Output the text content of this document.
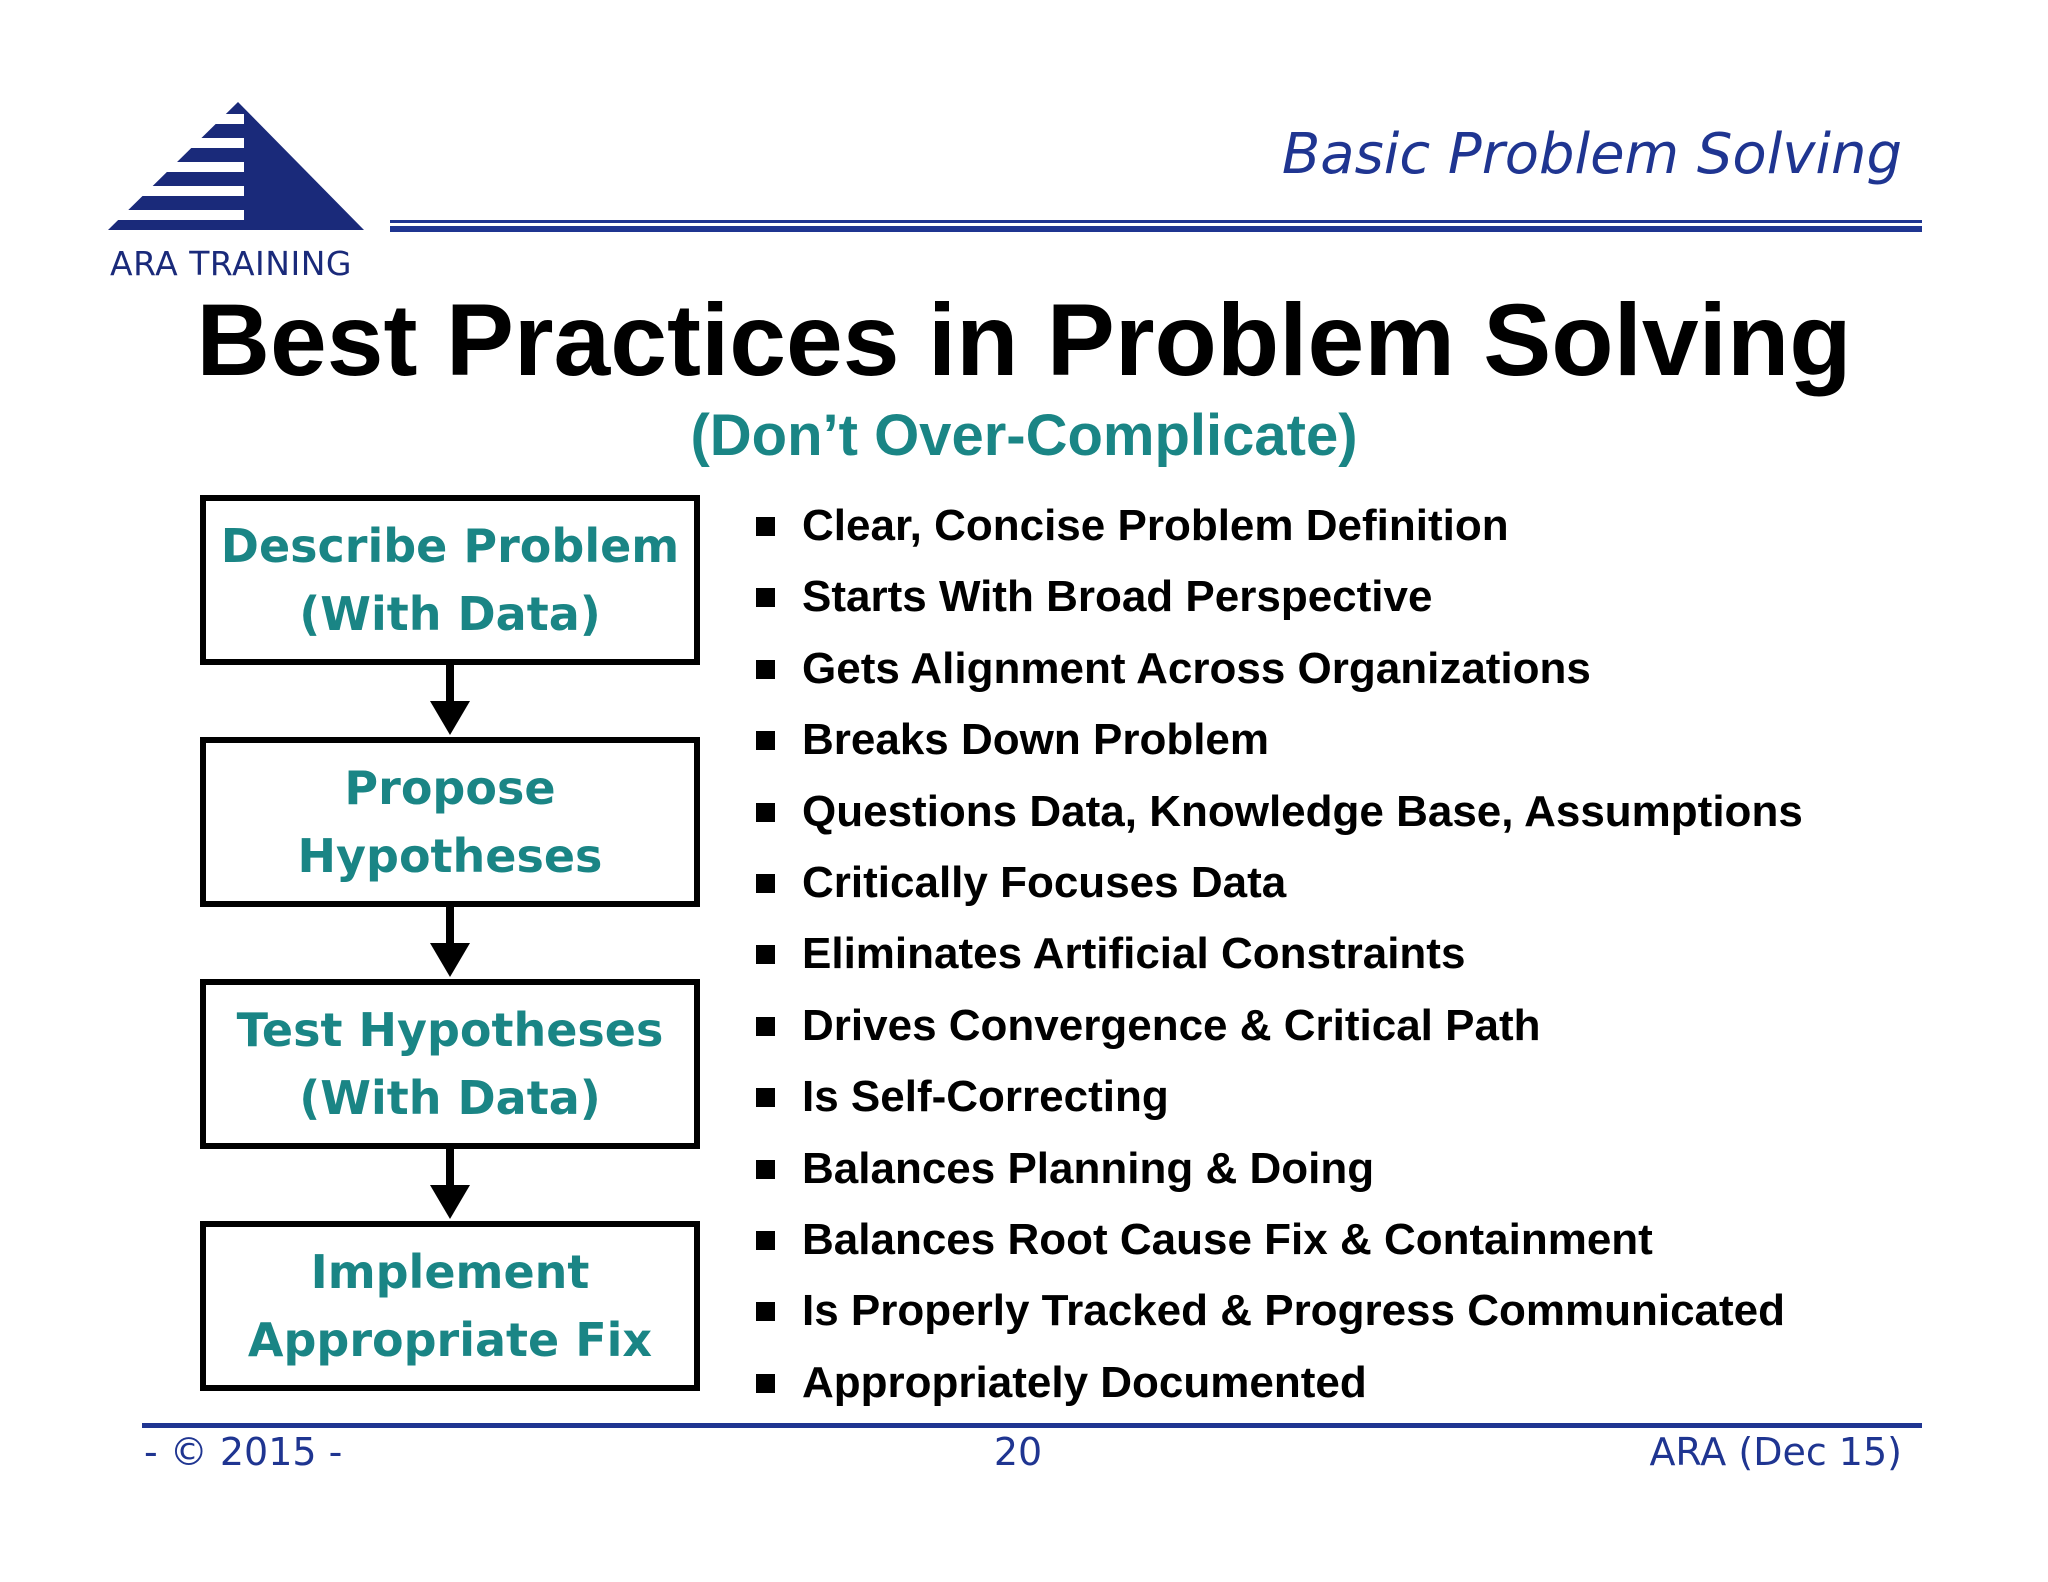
ARA TRAINING
Basic Problem Solving
Best Practices in Problem Solving
(Don’t Over-Complicate)
Describe Problem
(With Data)
Propose
Hypotheses
Test Hypotheses
(With Data)
Implement
Appropriate Fix
Clear, Concise Problem Definition
Starts With Broad Perspective
Gets Alignment Across Organizations
Breaks Down Problem
Questions Data, Knowledge Base, Assumptions
Critically Focuses Data
Eliminates Artificial Constraints
Drives Convergence & Critical Path
Is Self-Correcting
Balances Planning & Doing
Balances Root Cause Fix & Containment
Is Properly Tracked & Progress Communicated
Appropriately Documented
- © 2015 -	20	ARA (Dec 15)
